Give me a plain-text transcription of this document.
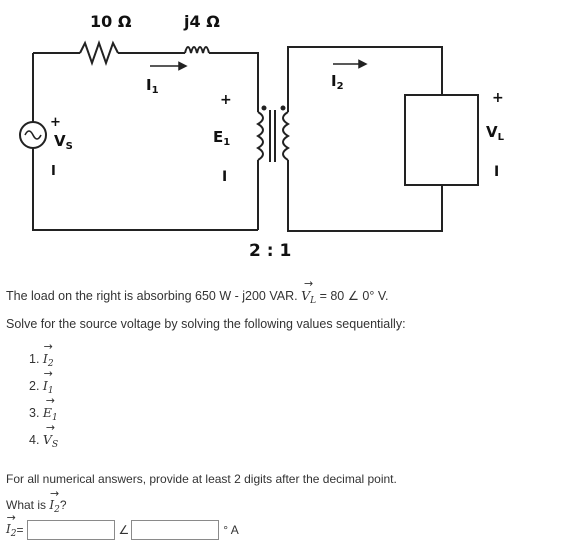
10 Ω	j4 Ω
$I_1$
$I_2$
+
I
$V_S$
+
$E_1$
I
+
$V_L$
I
2 : 1
The load on the right is absorbing 650 W - j200 VAR. → $V_L = 80$ ∠ 0° V.
Solve for the source voltage by solving the following values sequentially:
1. → $I_2$
2. → $I_1$
3. → $E_1$
4. → $V_S$
For all numerical answers, provide at least 2 digits after the decimal point.
What is → $I_2$?
→ $I_2$ =	∠	° A
